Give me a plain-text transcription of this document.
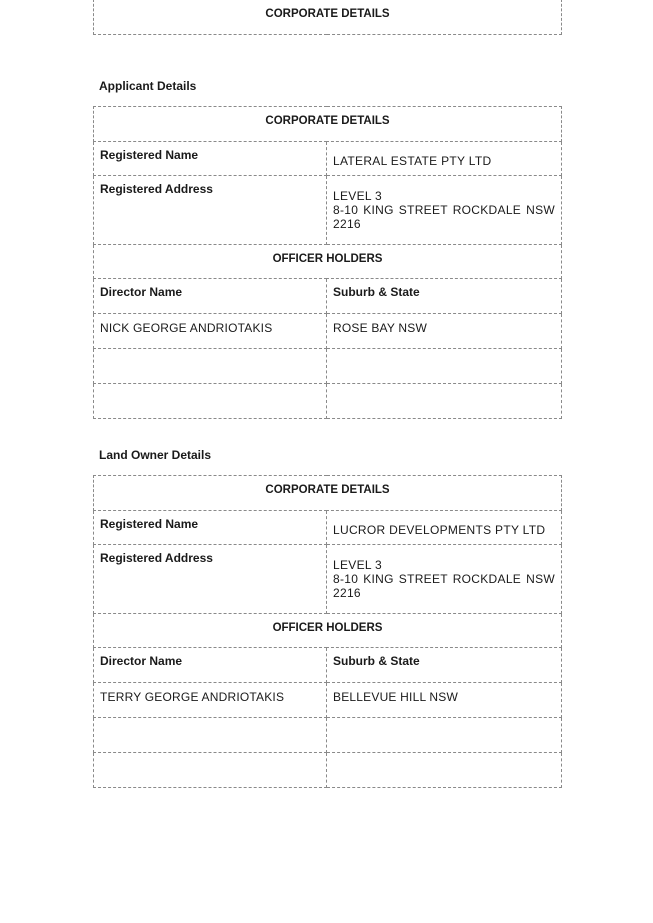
CORPORATE DETAILS
Applicant Details
CORPORATE DETAILS	
Registered Name	LATERAL ESTATE PTY LTD
Registered Address	LEVEL 3
8-10 KING STREET ROCKDALE NSW
2216

OFFICER HOLDERS	
Director Name	Suburb & State
NICK GEORGE ANDRIOTAKIS	ROSE BAY NSW

Land Owner Details
CORPORATE DETAILS	
Registered Name	LUCROR DEVELOPMENTS PTY LTD
Registered Address	LEVEL 3
8-10 KING STREET ROCKDALE NSW
2216

OFFICER HOLDERS	
Director Name	Suburb & State
TERRY GEORGE ANDRIOTAKIS	BELLEVUE HILL NSW
